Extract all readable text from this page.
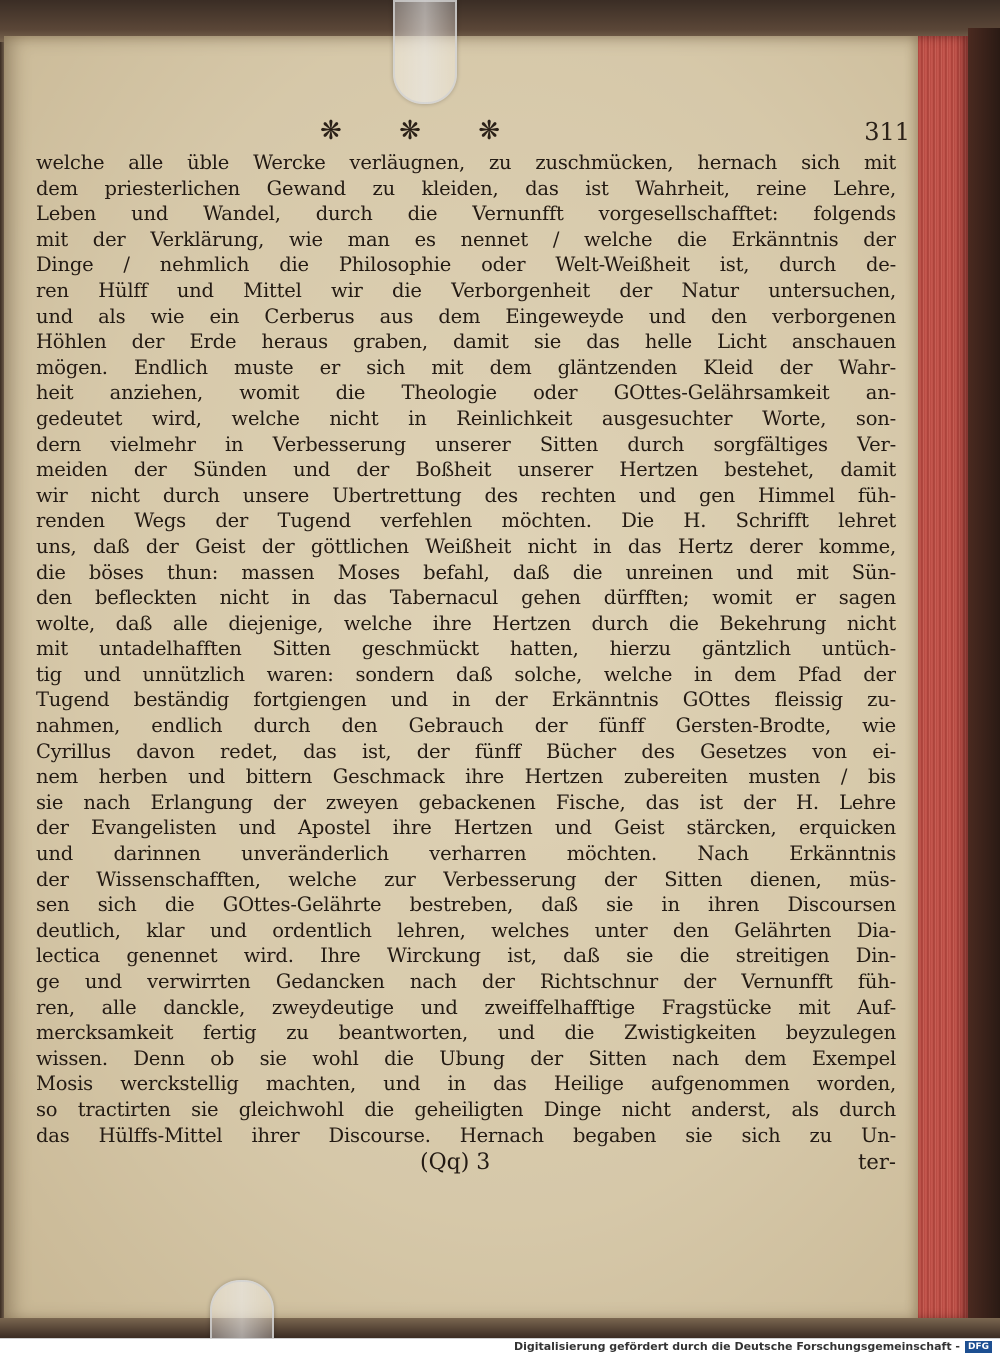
❋ ❋ ❋	311
welche alle üble Wercke verläugnen, zu zuschmücken, hernach sich mit
dem priesterlichen Gewand zu kleiden, das ist Wahrheit, reine Lehre,
Leben und Wandel, durch die Vernunfft vorgesellschafftet: folgends
mit der Verklärung, wie man es nennet / welche die Erkänntnis der
Dinge / nehmlich die Philosophie oder Welt-Weißheit ist, durch de-
ren Hülff und Mittel wir die Verborgenheit der Natur untersuchen,
und als wie ein Cerberus aus dem Eingeweyde und den verborgenen
Höhlen der Erde heraus graben, damit sie das helle Licht anschauen
mögen. Endlich muste er sich mit dem gläntzenden Kleid der Wahr-
heit anziehen, womit die Theologie oder GOttes-Gelährsamkeit an-
gedeutet wird, welche nicht in Reinlichkeit ausgesuchter Worte, son-
dern vielmehr in Verbesserung unserer Sitten durch sorgfältiges Ver-
meiden der Sünden und der Boßheit unserer Hertzen bestehet, damit
wir nicht durch unsere Ubertrettung des rechten und gen Himmel füh-
renden Wegs der Tugend verfehlen möchten. Die H. Schrifft lehret
uns, daß der Geist der göttlichen Weißheit nicht in das Hertz derer komme,
die böses thun: massen Moses befahl, daß die unreinen und mit Sün-
den befleckten nicht in das Tabernacul gehen dürfften; womit er sagen
wolte, daß alle diejenige, welche ihre Hertzen durch die Bekehrung nicht
mit untadelhafften Sitten geschmückt hatten, hierzu gäntzlich untüch-
tig und unnützlich waren: sondern daß solche, welche in dem Pfad der
Tugend beständig fortgiengen und in der Erkänntnis GOttes fleissig zu-
nahmen, endlich durch den Gebrauch der fünff Gersten-Brodte, wie
Cyrillus davon redet, das ist, der fünff Bücher des Gesetzes von ei-
nem herben und bittern Geschmack ihre Hertzen zubereiten musten / bis
sie nach Erlangung der zweyen gebackenen Fische, das ist der H. Lehre
der Evangelisten und Apostel ihre Hertzen und Geist stärcken, erquicken
und darinnen unveränderlich verharren möchten. Nach Erkänntnis
der Wissenschafften, welche zur Verbesserung der Sitten dienen, müs-
sen sich die GOttes-Gelährte bestreben, daß sie in ihren Discoursen
deutlich, klar und ordentlich lehren, welches unter den Gelährten Dia-
lectica genennet wird. Ihre Wirckung ist, daß sie die streitigen Din-
ge und verwirrten Gedancken nach der Richtschnur der Vernunfft füh-
ren, alle danckle, zweydeutige und zweiffelhafftige Fragstücke mit Auf-
mercksamkeit fertig zu beantworten, und die Zwistigkeiten beyzulegen
wissen. Denn ob sie wohl die Ubung der Sitten nach dem Exempel
Mosis werckstellig machten, und in das Heilige aufgenommen worden,
so tractirten sie gleichwohl die geheiligten Dinge nicht anderst, als durch
das Hülffs-Mittel ihrer Discourse. Hernach begaben sie sich zu Un-
(Qq) 3	ter-
Digitalisierung gefördert durch die Deutsche Forschungsgemeinschaft - DFG
